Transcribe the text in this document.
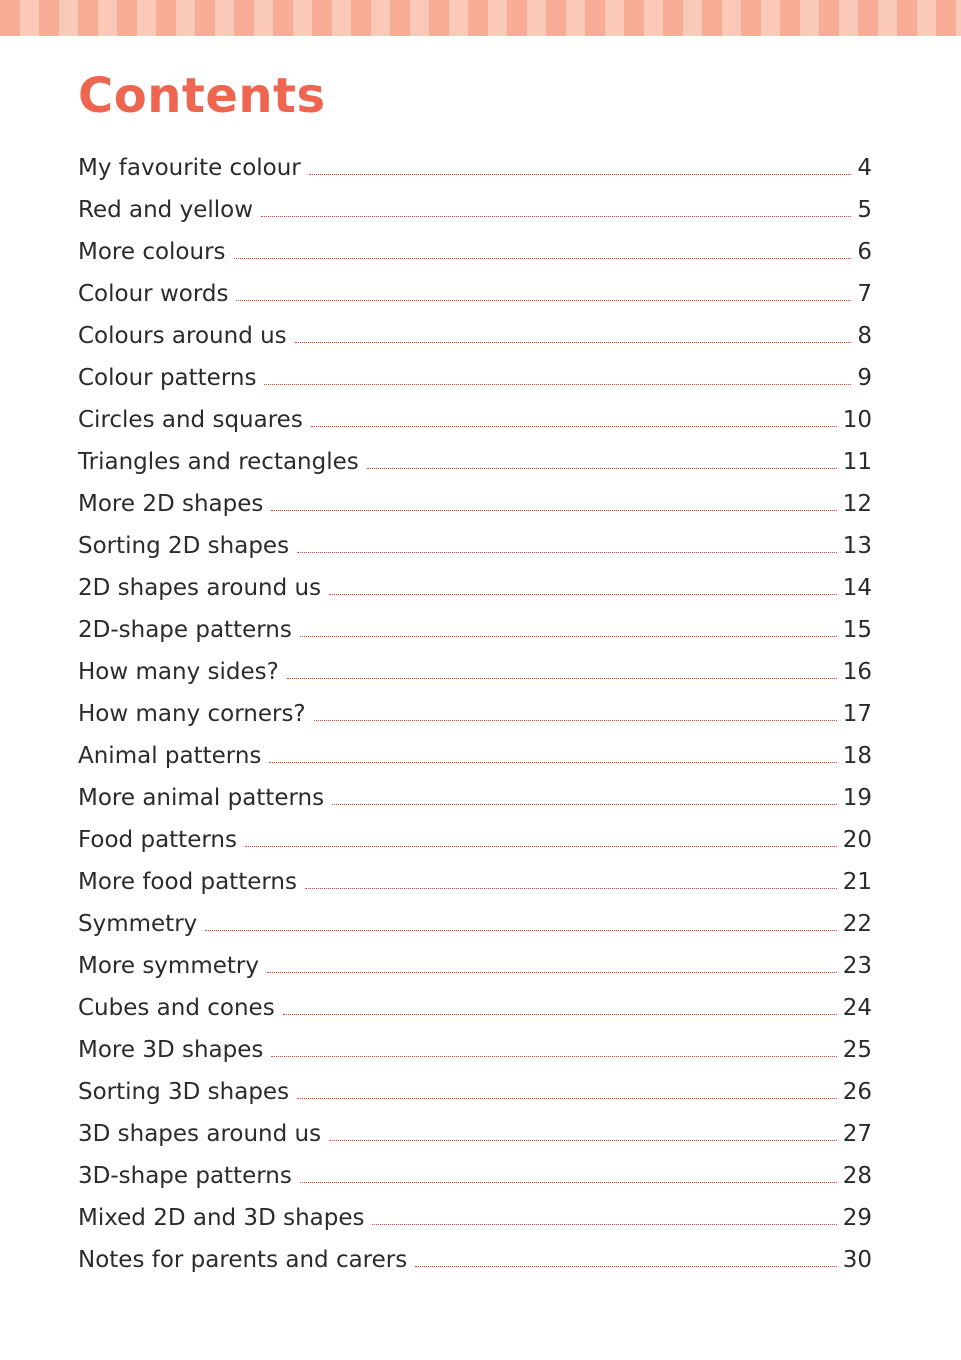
Contents
My favourite colour	4
Red and yellow	5
More colours	6
Colour words	7
Colours around us	8
Colour patterns	9
Circles and squares	10
Triangles and rectangles	11
More 2D shapes	12
Sorting 2D shapes	13
2D shapes around us	14
2D-shape patterns	15
How many sides?	16
How many corners?	17
Animal patterns	18
More animal patterns	19
Food patterns	20
More food patterns	21
Symmetry	22
More symmetry	23
Cubes and cones	24
More 3D shapes	25
Sorting 3D shapes	26
3D shapes around us	27
3D-shape patterns	28
Mixed 2D and 3D shapes	29
Notes for parents and carers	30
